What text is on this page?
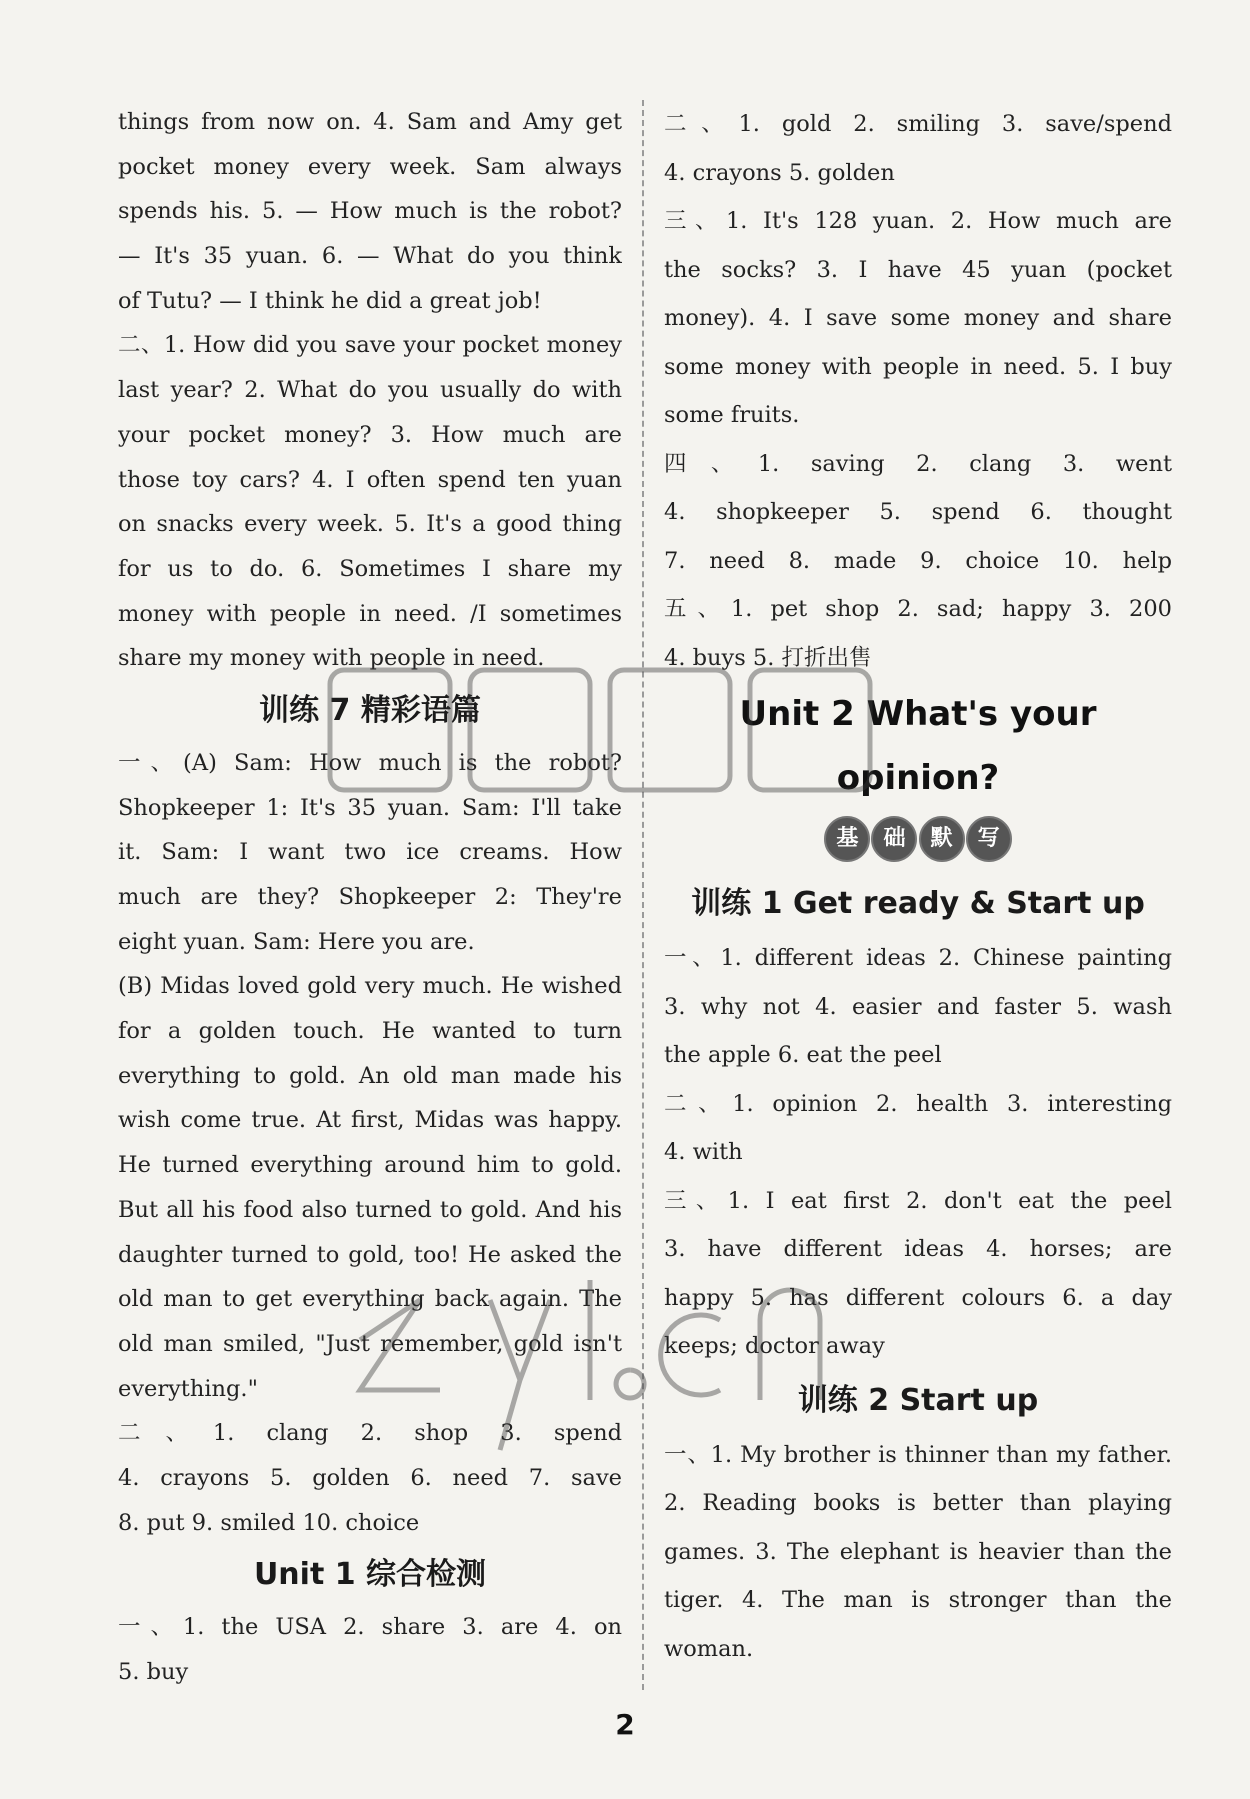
things from now on. 4. Sam and Amy get
pocket money every week. Sam always
spends his. 5. — How much is the robot?
— It's 35 yuan. 6. — What do you think
of Tutu? — I think he did a great job!
二、1. How did you save your pocket money
last year? 2. What do you usually do with
your pocket money? 3. How much are
those toy cars? 4. I often spend ten yuan
on snacks every week. 5. It's a good thing
for us to do. 6. Sometimes I share my
money with people in need. /I sometimes
share my money with people in need.
训练 7 精彩语篇
一、(A) Sam: How much is the robot?
Shopkeeper 1: It's 35 yuan. Sam: I'll take
it. Sam: I want two ice creams. How
much are they? Shopkeeper 2: They're
eight yuan. Sam: Here you are.
(B) Midas loved gold very much. He wished
for a golden touch. He wanted to turn
everything to gold. An old man made his
wish come true. At first, Midas was happy.
He turned everything around him to gold.
But all his food also turned to gold. And his
daughter turned to gold, too! He asked the
old man to get everything back again. The
old man smiled, "Just remember, gold isn't
everything."
二、1. clang 2. shop 3. spend
4. crayons 5. golden 6. need 7. save
8. put 9. smiled 10. choice
Unit 1 综合检测
一、1. the USA 2. share 3. are 4. on
5. buy
二、1. gold 2. smiling 3. save/spend
4. crayons 5. golden
三、1. It's 128 yuan. 2. How much are
the socks? 3. I have 45 yuan (pocket
money). 4. I save some money and share
some money with people in need. 5. I buy
some fruits.
四、1. saving 2. clang 3. went
4. shopkeeper 5. spend 6. thought
7. need 8. made 9. choice 10. help
五、1. pet shop 2. sad; happy 3. 200
4. buys 5. 打折出售
Unit 2 What's your
opinion?
基 础 默 写
训练 1 Get ready & Start up
一、1. different ideas 2. Chinese painting
3. why not 4. easier and faster 5. wash
the apple 6. eat the peel
二、1. opinion 2. health 3. interesting
4. with
三、1. I eat first 2. don't eat the peel
3. have different ideas 4. horses; are
happy 5. has different colours 6. a day
keeps; doctor away
训练 2 Start up
一、1. My brother is thinner than my father.
2. Reading books is better than playing
games. 3. The elephant is heavier than the
tiger. 4. The man is stronger than the
woman.
2
